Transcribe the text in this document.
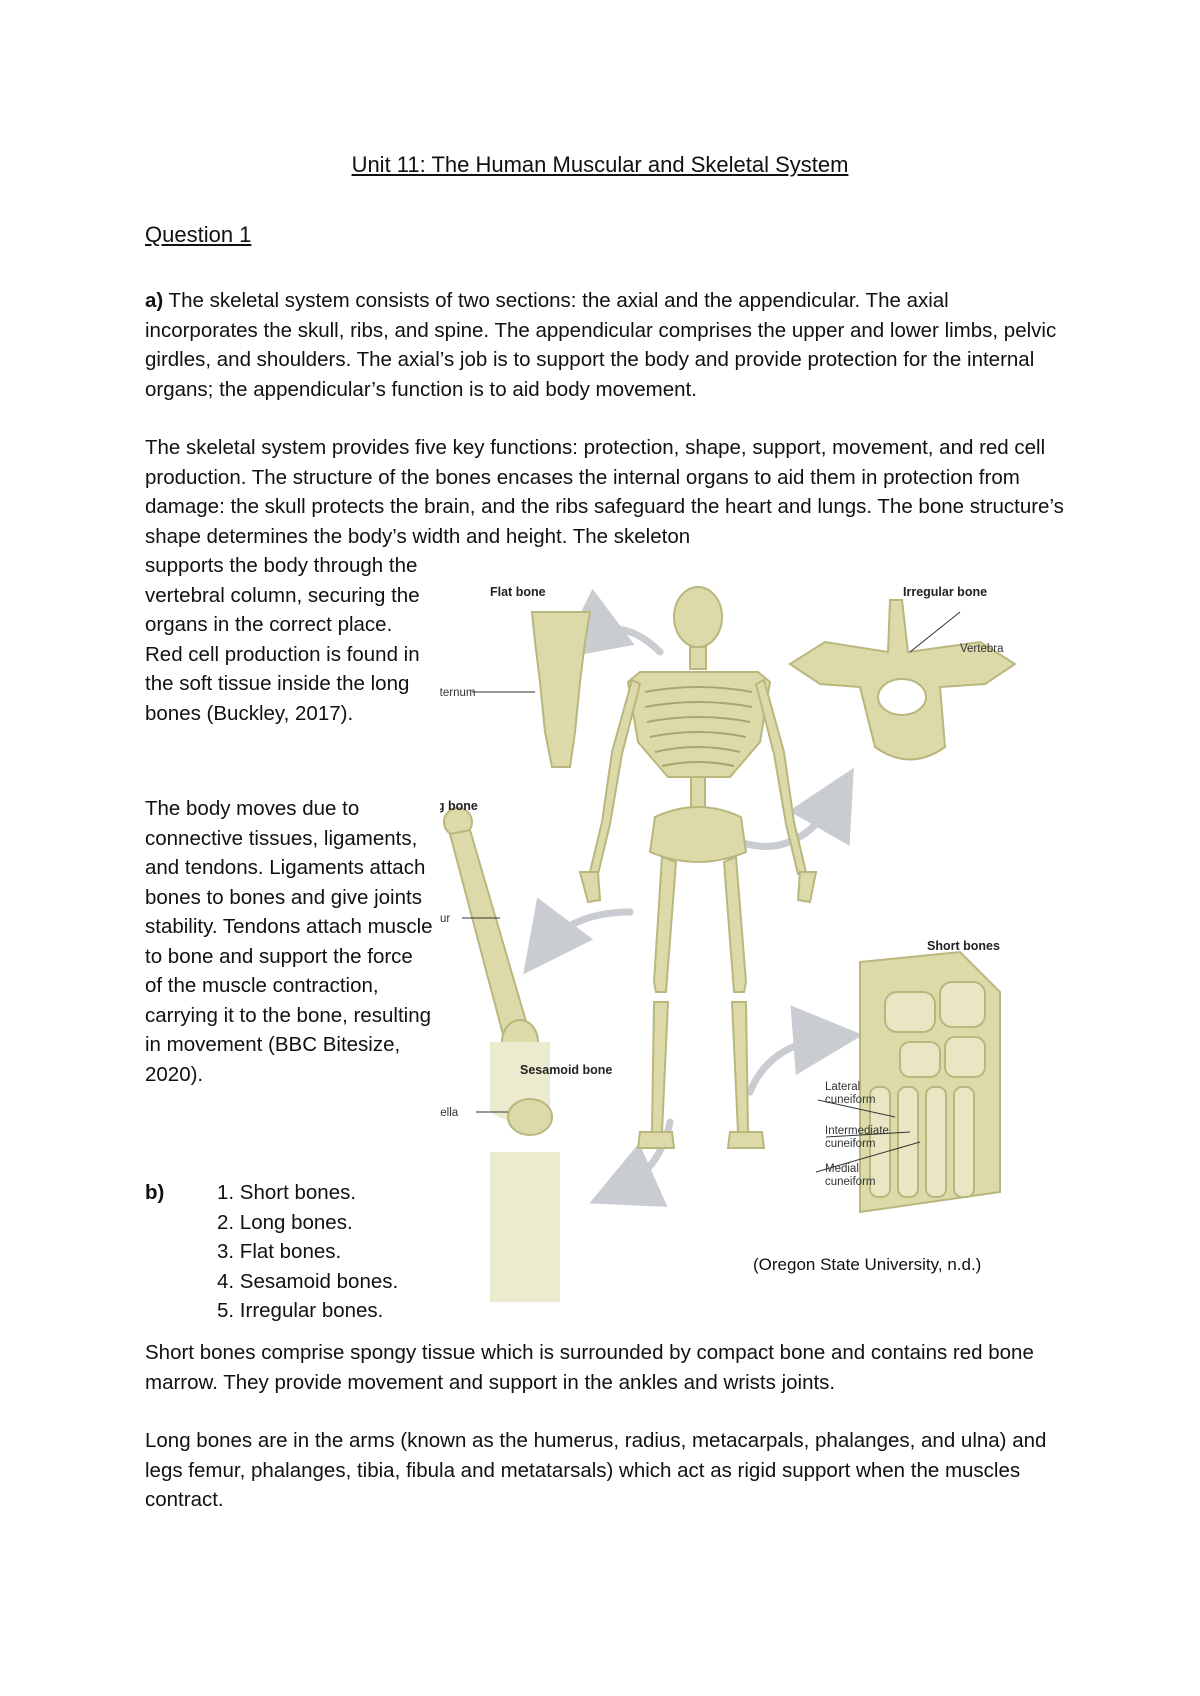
Unit 11: The Human Muscular and Skeletal System
Question 1

a) The skeletal system consists of two sections: the axial and the appendicular. The axial incorporates the skull, ribs, and spine. The appendicular comprises the upper and lower limbs, pelvic girdles, and shoulders. The axial’s job is to support the body and provide protection for the internal organs; the appendicular’s function is to aid body movement.

The skeletal system provides five key functions: protection, shape, support, movement, and red cell production. The structure of the bones encases the internal organs to aid them in protection from damage: the skull protects the brain, and the ribs safeguard the heart and lungs. The bone structure’s shape determines the body’s width and height. The skeleton

supports the body through the vertebral column, securing the organs in the correct place. Red cell production is found in the soft tissue inside the long bones (Buckley, 2017).

The body moves due to connective tissues, ligaments, and tendons. Ligaments attach bones to bones and give joints stability. Tendons attach muscle to bone and support the force of the muscle contraction, carrying it to the bone, resulting in movement (BBC Bitesize, 2020).

b)	1. Short bones.
2. Long bones.
3. Flat bones.
4. Sesamoid bones.
5. Irregular bones.
Flat bone
ternum
Irregular bone
Vertebra
g bone
ur
Short bones
Sesamoid bone
ella
Lateral
cuneiform
Intermediate
cuneiform
Medial
cuneiform
(Oregon State University, n.d.)

Short bones comprise spongy tissue which is surrounded by compact bone and contains red bone marrow. They provide movement and support in the ankles and wrists joints.

Long bones are in the arms (known as the humerus, radius, metacarpals, phalanges, and ulna) and legs femur, phalanges, tibia, fibula and metatarsals) which act as rigid support when the muscles contract.
